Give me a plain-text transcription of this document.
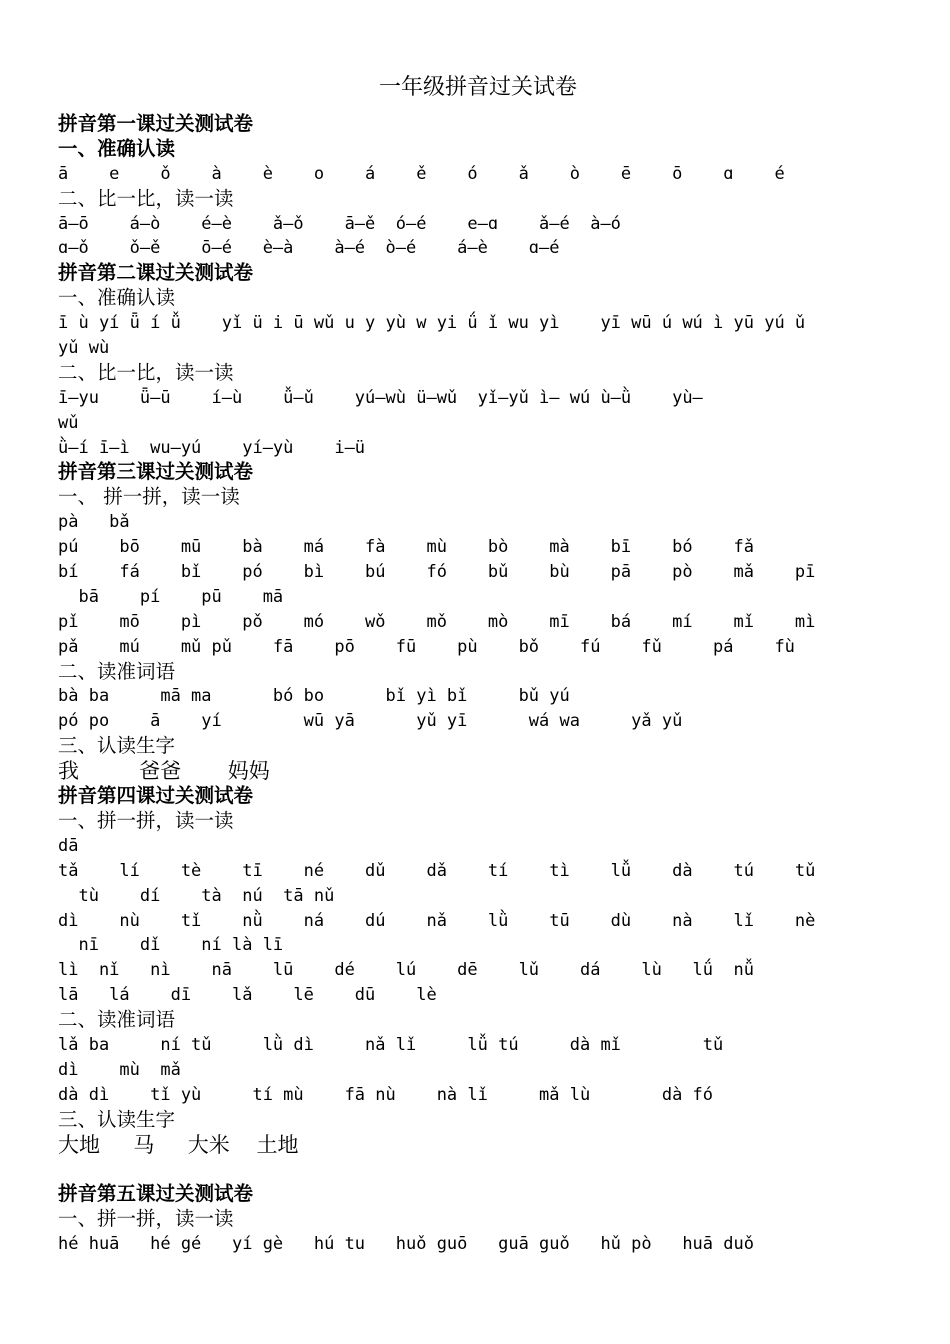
一年级拼音过关试卷
拼音第一课过关测试卷
一、准确认读
ā    e    ǒ    à    è    o    á    ě    ó    ǎ    ò    ē    ō    ɑ    é
二、比一比，读一读
ā—ō    á—ò    é—è    ǎ—ǒ    ā—ě  ó—é    e—ɑ    ǎ—é  à—ó
ɑ—ǒ    ǒ—ě    ō—é   è—à    à—é  ò—é    á—è    ɑ—é
拼音第二课过关测试卷
一、准确认读
ī ù yí ǖ í ǚ    yǐ ü i ū wǔ u y yù w yi ǘ ǐ wu yì    yī wū ú wú ì yū yú ǔ
yǔ wù
二、比一比，读一读
ī—yu    ǖ—ū    í—ù    ǚ—ǔ    yú—wù ü—wǔ  yǐ—yǔ ì— wú ù—ǜ    yù—
wǔ
ǜ—í ī—ì  wu—yú    yí—yù    i—ü
拼音第三课过关测试卷
一、 拼一拼，读一读
pà   bǎ
pú    bō    mū    bà    má    fà    mù    bò    mà    bī    bó    fǎ
bí    fá    bǐ    pó    bì    bú    fó    bǔ    bù    pā    pò    mǎ    pī
bā    pí    pū    mā
pǐ    mō    pì    pǒ    mó    wǒ    mǒ    mò    mī    bá    mí    mǐ    mì
pǎ    mú    mǔ pǔ    fā    pō    fū    pù    bǒ    fú    fǔ     pá    fù
二、读准词语
bà ba     mā ma      bó bo      bǐ yì bǐ     bǔ yú
pó po    ā    yí        wū yā      yǔ yī      wá wa     yǎ yǔ
三、认读生字
我         爸爸       妈妈
拼音第四课过关测试卷
一、拼一拼，读一读
dā
tǎ    lí    tè    tī    né    dǔ    dǎ    tí    tì    lǚ    dà    tú    tǔ
tù    dí    tà  nú  tā nǔ
dì    nù    tǐ    nǜ    ná    dú    nǎ    lǜ    tū    dù    nà    lǐ    nè
nī    dǐ    ní là lī
lì  nǐ   nì    nā    lū    dé    lú    dē    lǔ    dá    lù   lǘ  nǚ
lā   lá    dī    lǎ    lē    dū    lè
二、读准词语
lǎ ba     ní tǔ     lǜ dì     nǎ lǐ     lǚ tú     dà mǐ        tǔ
dì    mù  mǎ
dà dì    tǐ yù     tí mù    fā nù    nà lǐ     mǎ lù       dà fó
三、认读生字
大地     马     大米    土地
拼音第五课过关测试卷
一、拼一拼，读一读
hé huā   hé gé   yí gè   hú tu   huǒ guō   guā guǒ   hǔ pò   huā duǒ
